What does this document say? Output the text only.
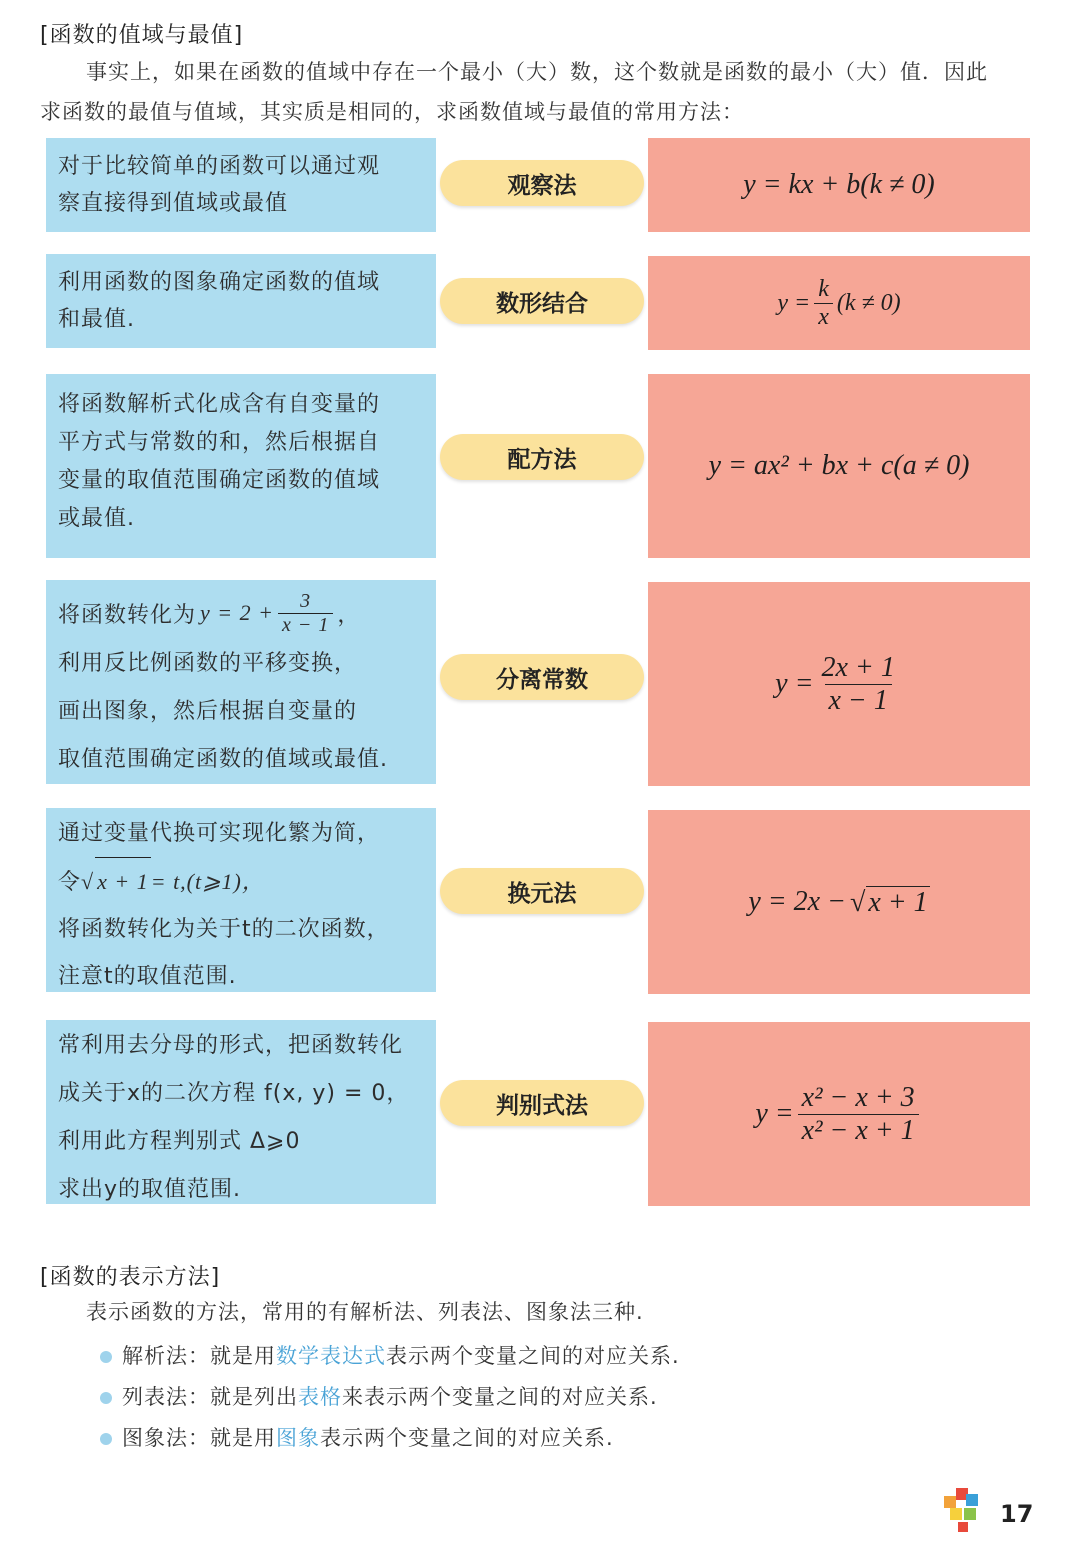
[函数的值域与最值]
事实上，如果在函数的值域中存在一个最小（大）数，这个数就是函数的最小（大）值．因此
求函数的最值与值域，其实质是相同的，求函数值域与最值的常用方法：
对于比较简单的函数可以通过观
察直接得到值域或最值
观察法	y = kx + b(k ≠ 0)
利用函数的图象确定函数的值域
和最值.
数形结合	$y = \frac{k}{x} (k \ne 0)$
将函数解析式化成含有自变量的
平方式与常数的和，然后根据自
变量的取值范围确定函数的值域
或最值.
配方法	y = ax² + bx + c(a ≠ 0)
将函数转化为 $y = 2 + \frac{3}{x - 1}$ ，
利用反比例函数的平移变换，
画出图象，然后根据自变量的
取值范围确定函数的值域或最值.
分离常数	$y = \frac{2x + 1}{x - 1}$
通过变量代换可实现化繁为简，
令√ x + 1= t,(t⩾1)，
将函数转化为关于t的二次函数，
注意t的取值范围.
换元法	y = 2x − √ x + 1
常利用去分母的形式，把函数转化
成关于x的二次方程 f(x, y) = 0，
利用此方程判别式 Δ⩾0
求出y的取值范围.
判别式法	$y = \frac{\text{x² − x + 3}}{\text{x² − x + 1}}$
[函数的表示方法]
表示函数的方法，常用的有解析法、列表法、图象法三种.
解析法：就是用数学表达式表示两个变量之间的对应关系.
列表法：就是列出表格来表示两个变量之间的对应关系.
图象法：就是用图象表示两个变量之间的对应关系.
17
